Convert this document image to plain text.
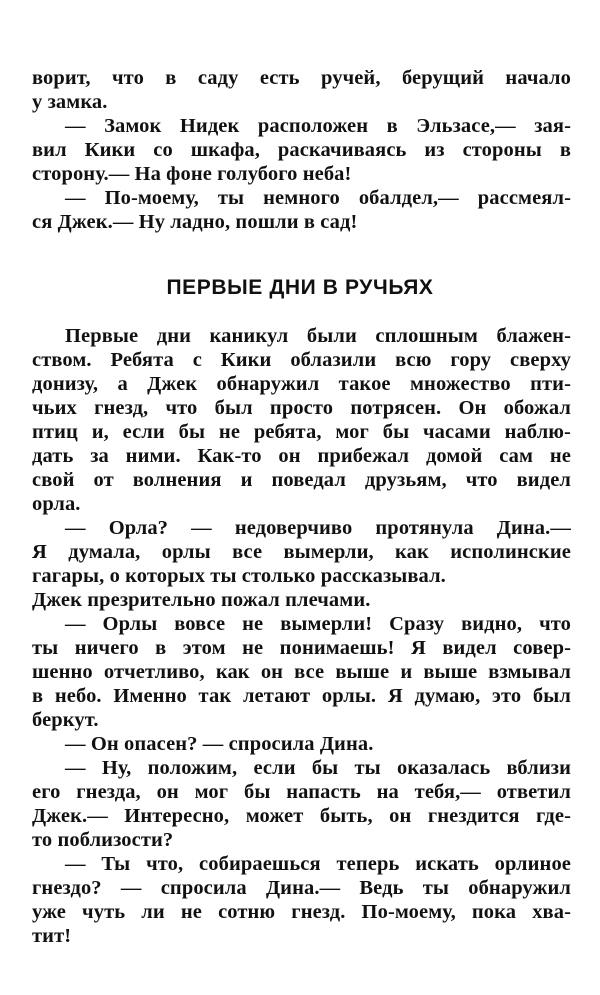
ворит, что в саду есть ручей, берущий начало
у замка.
— Замок Нидек расположен в Эльзасе,— зая-
вил Кики со шкафа, раскачиваясь из стороны в
сторону.— На фоне голубого неба!
— По-моему, ты немного обалдел,— рассмеял-
ся Джек.— Ну ладно, пошли в сад!
ПЕРВЫЕ ДНИ В РУЧЬЯХ
Первые дни каникул были сплошным блажен-
ством. Ребята с Кики облазили всю гору сверху
донизу, а Джек обнаружил такое множество пти-
чьих гнезд, что был просто потрясен. Он обожал
птиц и, если бы не ребята, мог бы часами наблю-
дать за ними. Как-то он прибежал домой сам не
свой от волнения и поведал друзьям, что видел
орла.
— Орла? — недоверчиво протянула Дина.—
Я думала, орлы все вымерли, как исполинские
гагары, о которых ты столько рассказывал.
Джек презрительно пожал плечами.
— Орлы вовсе не вымерли! Сразу видно, что
ты ничего в этом не понимаешь! Я видел совер-
шенно отчетливо, как он все выше и выше взмывал
в небо. Именно так летают орлы. Я думаю, это был
беркут.
— Он опасен? — спросила Дина.
— Ну, положим, если бы ты оказалась вблизи
его гнезда, он мог бы напасть на тебя,— ответил
Джек.— Интересно, может быть, он гнездится где-
то поблизости?
— Ты что, собираешься теперь искать орлиное
гнездо? — спросила Дина.— Ведь ты обнаружил
уже чуть ли не сотню гнезд. По-моему, пока хва-
тит!
